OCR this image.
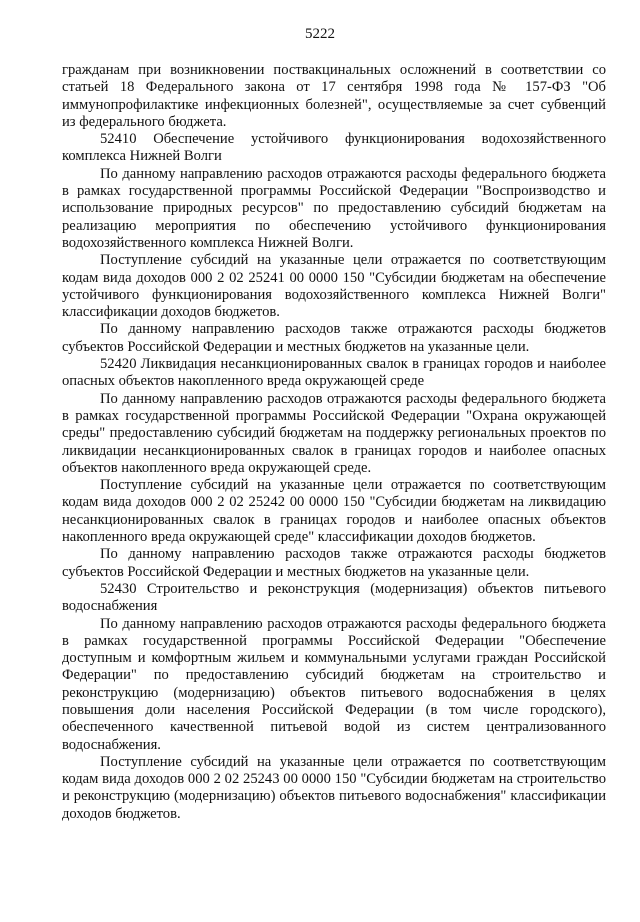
5222

гражданам при возникновении поствакцинальных осложнений в соответствии со статьей 18 Федерального закона от 17 сентября 1998 года № 157-ФЗ "Об иммунопрофилактике инфекционных болезней", осуществляемые за счет субвенций из федерального бюджета.

52410 Обеспечение устойчивого функционирования водохозяйственного комплекса Нижней Волги

По данному направлению расходов отражаются расходы федерального бюджета в рамках государственной программы Российской Федерации "Воспроизводство и использование природных ресурсов" по предоставлению субсидий бюджетам на реализацию мероприятия по обеспечению устойчивого функционирования водохозяйственного комплекса Нижней Волги.

Поступление субсидий на указанные цели отражается по соответствующим кодам вида доходов 000 2 02 25241 00 0000 150 "Субсидии бюджетам на обеспечение устойчивого функционирования водохозяйственного комплекса Нижней Волги" классификации доходов бюджетов.

По данному направлению расходов также отражаются расходы бюджетов субъектов Российской Федерации и местных бюджетов на указанные цели.

52420 Ликвидация несанкционированных свалок в границах городов и наиболее опасных объектов накопленного вреда окружающей среде

По данному направлению расходов отражаются расходы федерального бюджета в рамках государственной программы Российской Федерации "Охрана окружающей среды" предоставлению субсидий бюджетам на поддержку региональных проектов по ликвидации несанкционированных свалок в границах городов и наиболее опасных объектов накопленного вреда окружающей среде.

Поступление субсидий на указанные цели отражается по соответствующим кодам вида доходов 000 2 02 25242 00 0000 150 "Субсидии бюджетам на ликвидацию несанкционированных свалок в границах городов и наиболее опасных объектов накопленного вреда окружающей среде" классификации доходов бюджетов.

По данному направлению расходов также отражаются расходы бюджетов субъектов Российской Федерации и местных бюджетов на указанные цели.

52430 Строительство и реконструкция (модернизация) объектов питьевого водоснабжения

По данному направлению расходов отражаются расходы федерального бюджета в рамках государственной программы Российской Федерации "Обеспечение доступным и комфортным жильем и коммунальными услугами граждан Российской Федерации" по предоставлению субсидий бюджетам на строительство и реконструкцию (модернизацию) объектов питьевого водоснабжения в целях повышения доли населения Российской Федерации (в том числе городского), обеспеченного качественной питьевой водой из систем централизованного водоснабжения.

Поступление субсидий на указанные цели отражается по соответствующим кодам вида доходов 000 2 02 25243 00 0000 150 "Субсидии бюджетам на строительство и реконструкцию (модернизацию) объектов питьевого водоснабжения" классификации доходов бюджетов.
